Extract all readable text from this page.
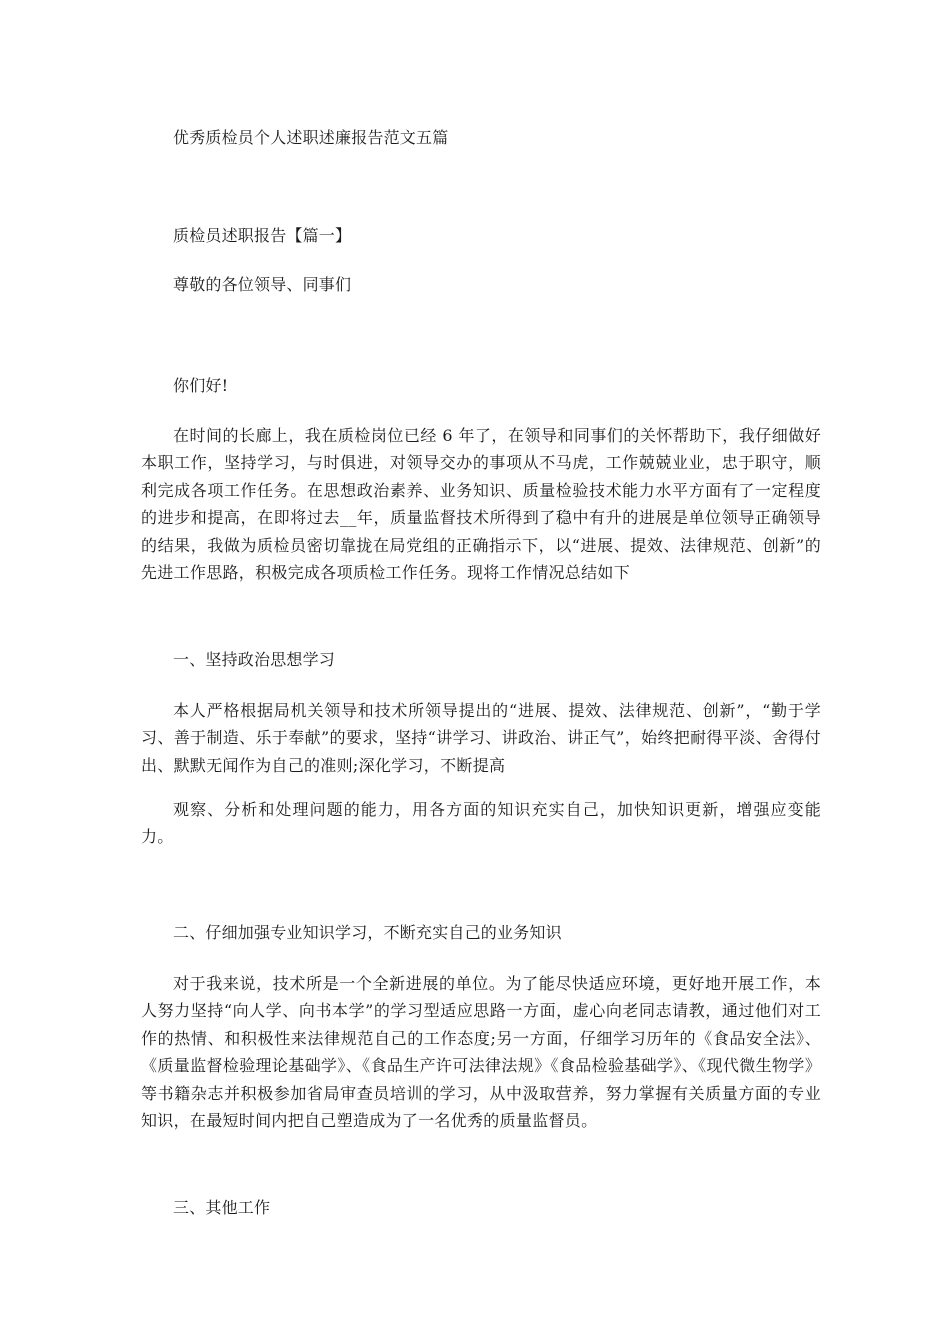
优秀质检员个人述职述廉报告范文五篇
质检员述职报告【篇一】
尊敬的各位领导、同事们
你们好!
在时间的长廊上，我在质检岗位已经 6 年了，在领导和同事们的关怀帮助下，我仔细做好本职工作，坚持学习，与时俱进，对领导交办的事项从不马虎，工作兢兢业业，忠于职守，顺利完成各项工作任务。在思想政治素养、业务知识、质量检验技术能力水平方面有了一定程度的进步和提高，在即将过去__年，质量监督技术所得到了稳中有升的进展是单位领导正确领导的结果，我做为质检员密切靠拢在局党组的正确指示下，以“进展、提效、法律规范、创新”的先进工作思路，积极完成各项质检工作任务。现将工作情况总结如下
一、坚持政治思想学习
本人严格根据局机关领导和技术所领导提出的“进展、提效、法律规范、创新”，“勤于学习、善于制造、乐于奉献”的要求，坚持“讲学习、讲政治、讲正气”，始终把耐得平淡、舍得付出、默默无闻作为自己的准则;深化学习，不断提高
观察、分析和处理问题的能力，用各方面的知识充实自己，加快知识更新，增强应变能力。
二、仔细加强专业知识学习，不断充实自己的业务知识
对于我来说，技术所是一个全新进展的单位。为了能尽快适应环境，更好地开展工作，本人努力坚持“向人学、向书本学”的学习型适应思路一方面，虚心向老同志请教，通过他们对工作的热情、和积极性来法律规范自己的工作态度;另一方面，仔细学习历年的《食品安全法》、《质量监督检验理论基础学》、《食品生产许可法律法规》《食品检验基础学》、《现代微生物学》等书籍杂志并积极参加省局审查员培训的学习，从中汲取营养，努力掌握有关质量方面的专业知识，在最短时间内把自己塑造成为了一名优秀的质量监督员。
三、其他工作
